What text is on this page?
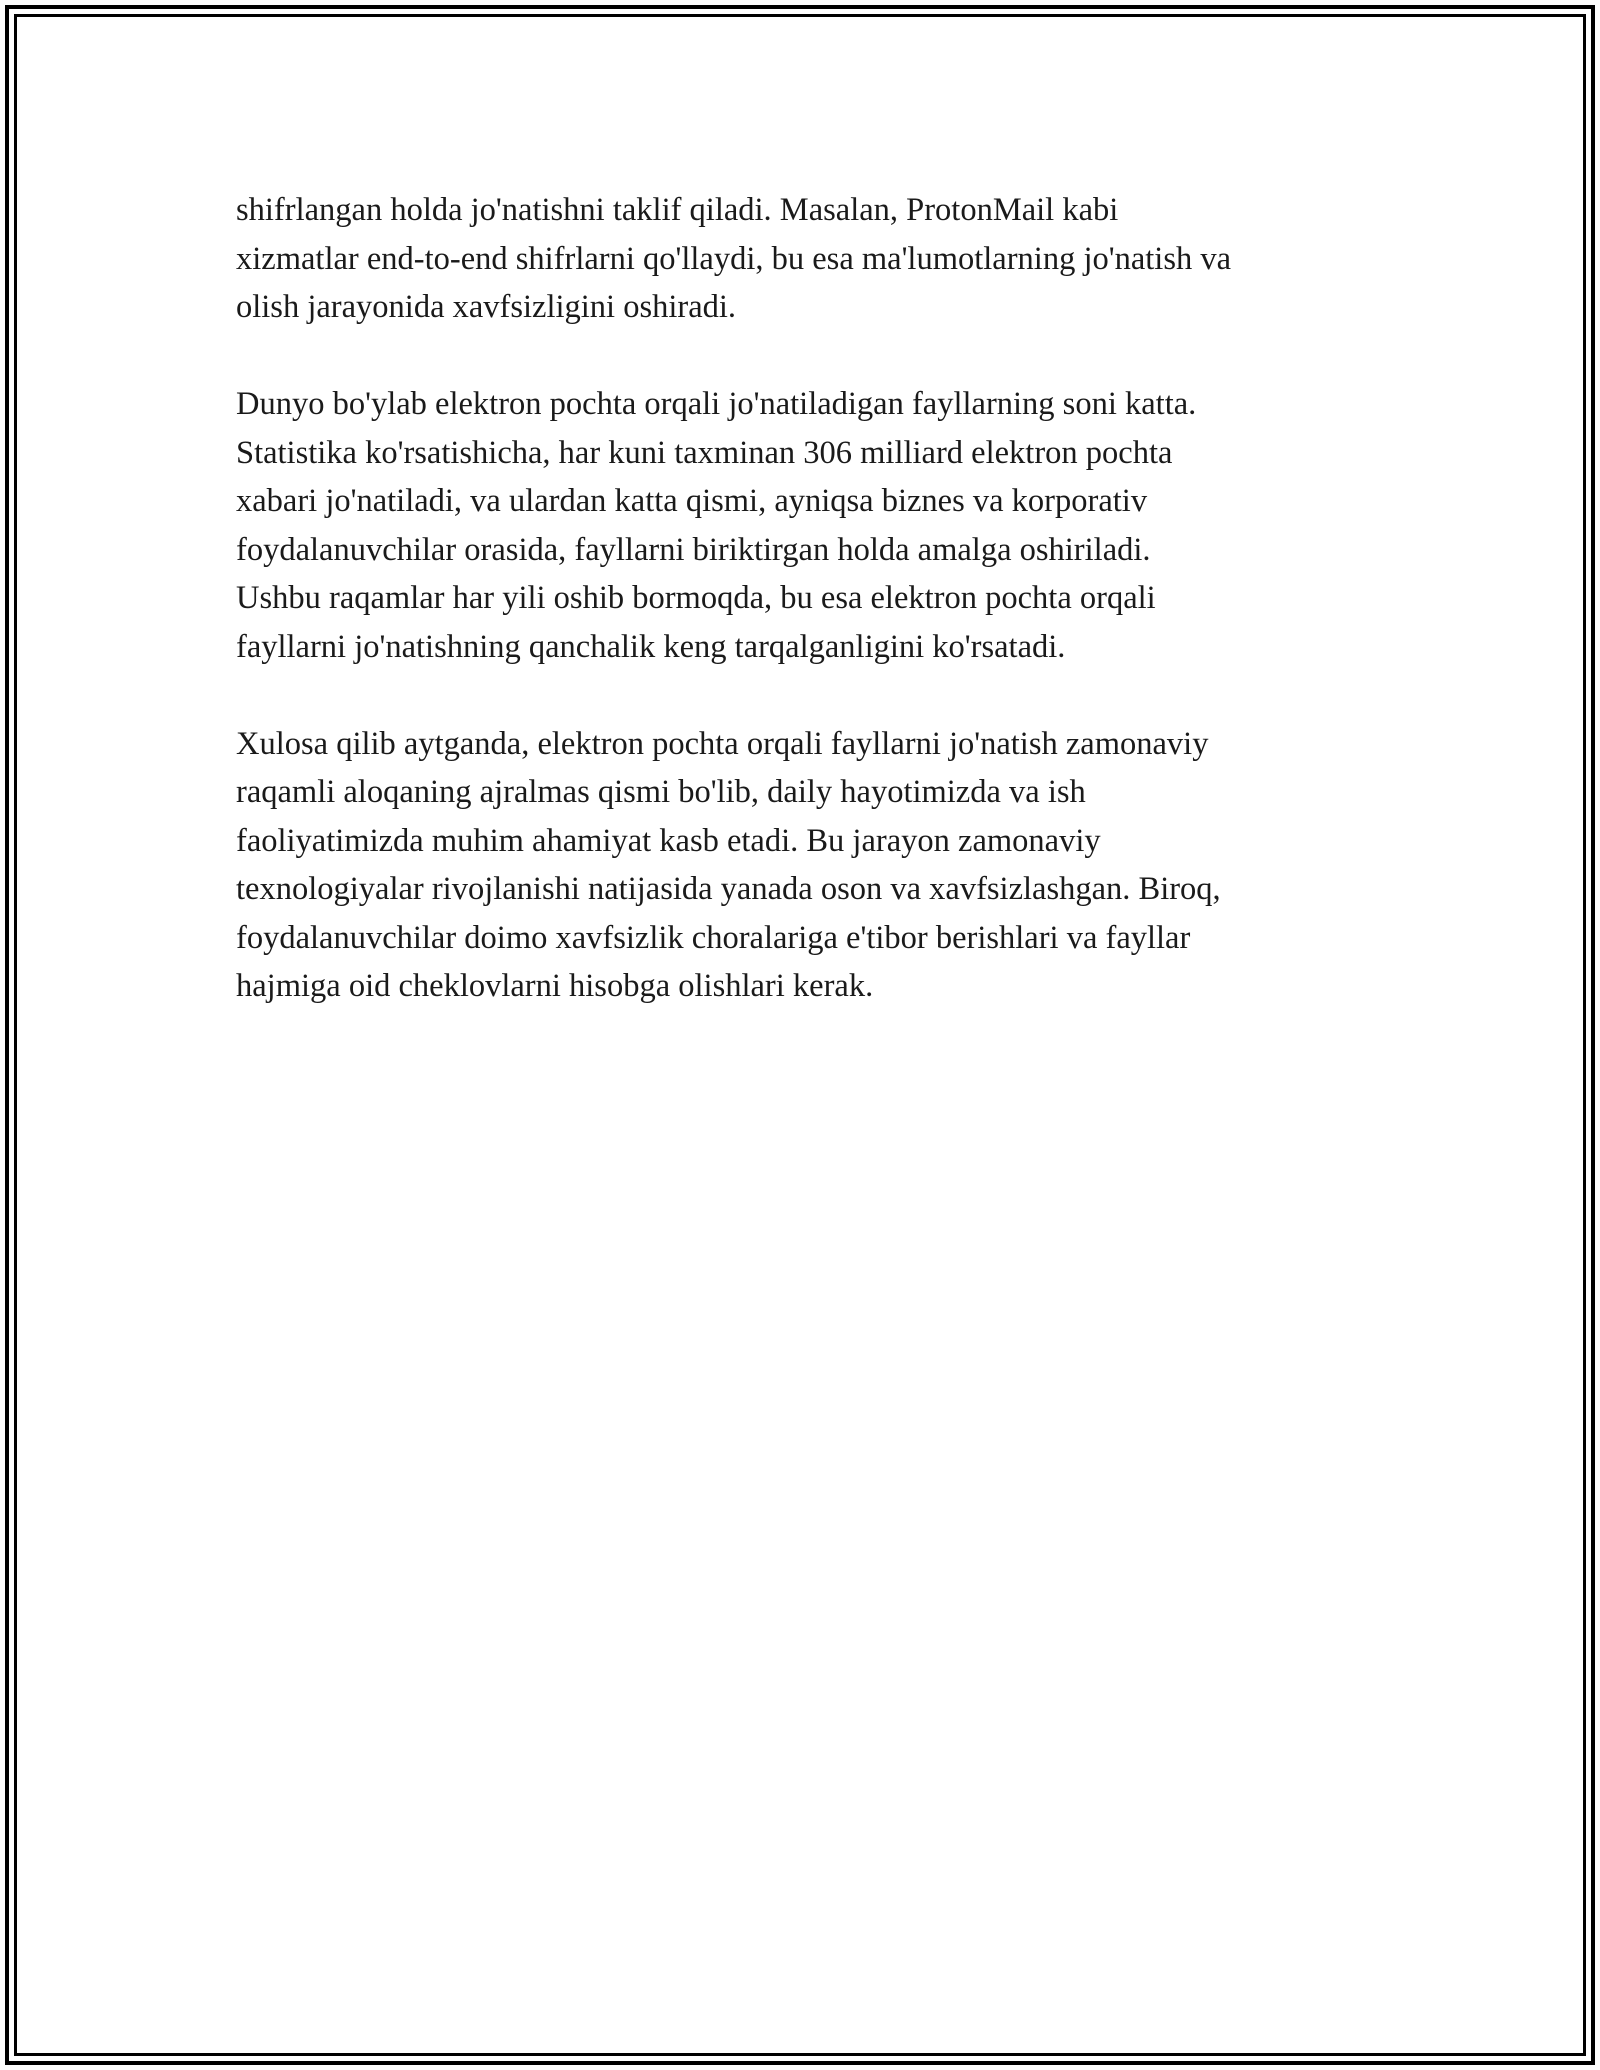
shifrlangan holda jo'natishni taklif qiladi. Masalan, ProtonMail kabi
xizmatlar end-to-end shifrlarni qo'llaydi, bu esa ma'lumotlarning jo'natish va
olish jarayonida xavfsizligini oshiradi.

Dunyo bo'ylab elektron pochta orqali jo'natiladigan fayllarning soni katta.
Statistika ko'rsatishicha, har kuni taxminan 306 milliard elektron pochta
xabari jo'natiladi, va ulardan katta qismi, ayniqsa biznes va korporativ
foydalanuvchilar orasida, fayllarni biriktirgan holda amalga oshiriladi.
Ushbu raqamlar har yili oshib bormoqda, bu esa elektron pochta orqali
fayllarni jo'natishning qanchalik keng tarqalganligini ko'rsatadi.

Xulosa qilib aytganda, elektron pochta orqali fayllarni jo'natish zamonaviy
raqamli aloqaning ajralmas qismi bo'lib, daily hayotimizda va ish
faoliyatimizda muhim ahamiyat kasb etadi. Bu jarayon zamonaviy
texnologiyalar rivojlanishi natijasida yanada oson va xavfsizlashgan. Biroq,
foydalanuvchilar doimo xavfsizlik choralariga e'tibor berishlari va fayllar
hajmiga oid cheklovlarni hisobga olishlari kerak.
